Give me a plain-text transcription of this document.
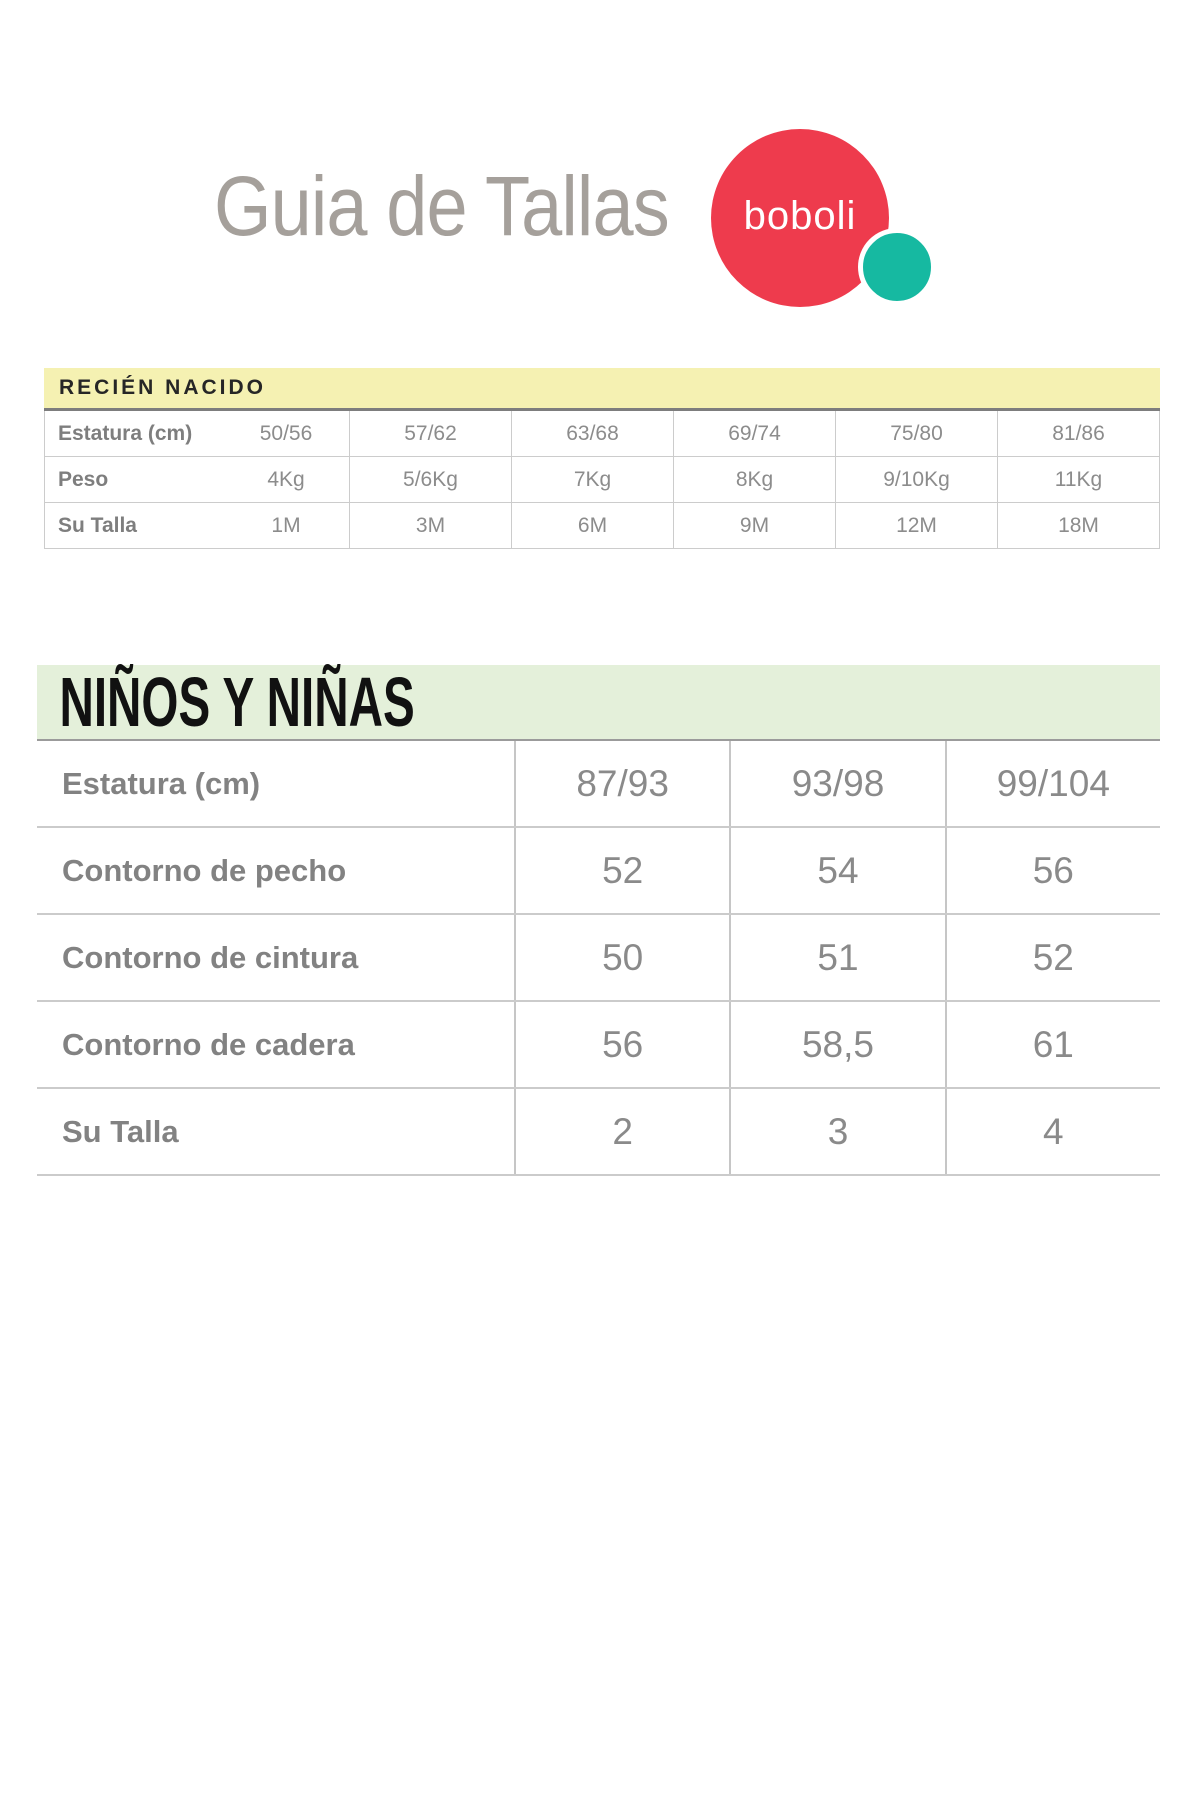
Guia de Tallas boboli
RECIÉN NACIDO
Estatura (cm)	50/56	57/62	63/68	69/74	75/80	81/86
Peso	4Kg	5/6Kg	7Kg	8Kg	9/10Kg	11Kg
Su Talla	1M	3M	6M	9M	12M	18M
NIÑOS Y NIÑAS
Estatura (cm)	87/93	93/98	99/104
Contorno de pecho	52	54	56
Contorno de cintura	50	51	52
Contorno de cadera	56	58,5	61
Su Talla	2	3	4
